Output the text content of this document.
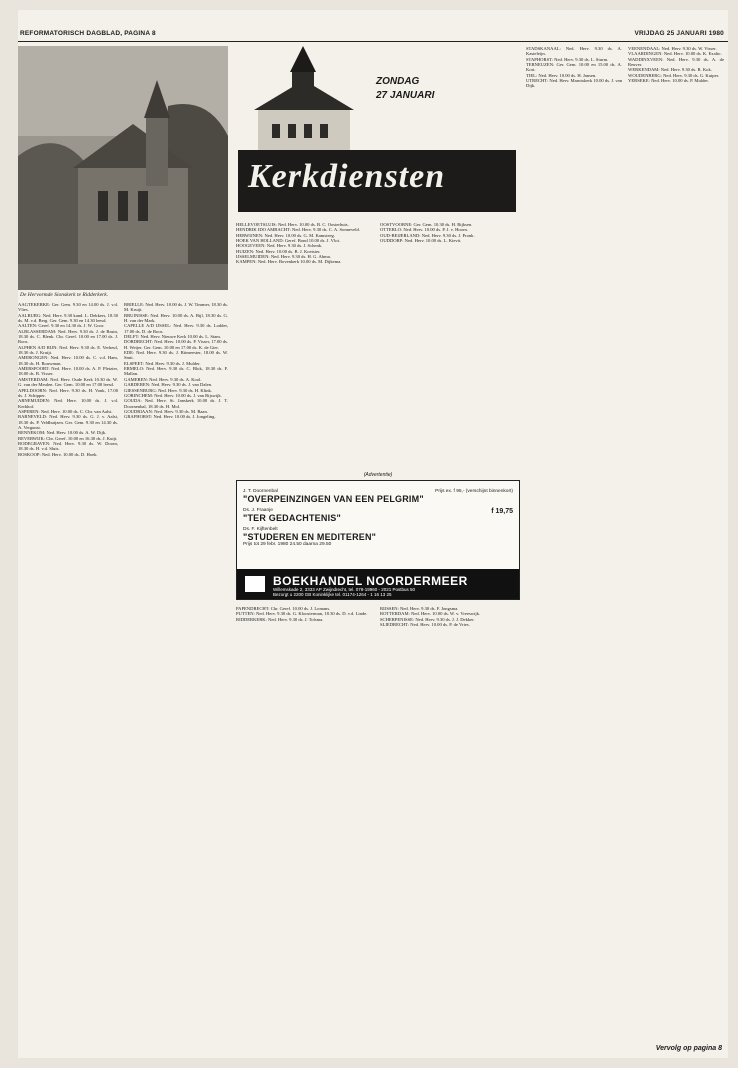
REFORMATORISCH DAGBLAD, PAGINA 8	VRIJDAG 25 JANUARI 1980
De Hervormde Sionskerk te Ridderkerk.
ZONDAG
27 JANUARI
Kerkdiensten

AAGTEKERKE: Ger. Gem. 9.30 en 14.00 ds. J. v.d. Vlies.

AALBURG: Ned. Herv. 9.30 kand. L. Dekkers, 18.30 ds. M. v.d. Berg. Ger. Gem. 9.30 en 14.30 leesd.

AALTEN: Geref. 9.30 en 14.30 ds. J. W. Goor.

ALBLASSERDAM: Ned. Herv. 9.30 ds. J. de Bruin, 18.30 ds. C. Blenk. Chr. Geref. 10.00 en 17.00 ds. J. Roos.

ALPHEN A/D RIJN: Ned. Herv. 9.30 ds. E. Verheul, 18.30 ds. J. Kruijt.

AMERONGEN: Ned. Herv. 10.00 ds. C. v.d. Ham, 18.30 ds. H. Bouwman.

AMERSFOORT: Ned. Herv. 10.00 ds. A. P. Pleizier, 18.00 ds. B. Visser.

AMSTERDAM: Ned. Herv. Oude Kerk 10.30 ds. W. G. van der Meulen. Ger. Gem. 10.00 en 17.00 leesd.

APELDOORN: Ned. Herv. 9.30 ds. H. Vonk, 17.00 ds. J. Schipper.

ARNEMUIDEN: Ned. Herv. 10.00 ds. J. v.d. Kerkhof.

ASPEREN: Ned. Herv. 10.00 ds. C. Chr. van Aalst.

BARNEVELD: Ned. Herv. 9.30 ds. G. J. v. Aalst, 18.30 ds. P. Veldhuijzen. Ger. Gem. 9.30 en 14.30 ds. A. Vergunst.

BENNEKOM: Ned. Herv. 10.00 ds. A. W. Dijk.

BEVERWIJK: Chr. Geref. 10.00 en 16.30 ds. J. Kuijt.

BODEGRAVEN: Ned. Herv. 9.30 ds. W. Doorn, 18.30 ds. H. v.d. Sluis.

BOSKOOP: Ned. Herv. 10.00 ds. D. Hoek.

BRIELLE: Ned. Herv. 10.00 ds. J. W. Timmer, 18.30 ds. M. Kruijt.

BRUINISSE: Ned. Herv. 10.00 ds. A. Bijl, 18.30 ds. G. H. van der Mark.

CAPELLE A/D IJSSEL: Ned. Herv. 9.30 ds. Lodder, 17.00 ds. D. de Roos.

DELFT: Ned. Herv. Nieuwe Kerk 10.00 ds. L. Stam.

DORDRECHT: Ned. Herv. 10.00 ds. P. Visser, 17.00 ds. H. Weijer. Ger. Gem. 10.00 en 17.00 ds. K. de Gier.

EDE: Ned. Herv. 9.30 ds. J. Ritmeester, 18.00 ds. W. Smit.

ELSPEET: Ned. Herv. 9.30 ds. J. Mulder.

ERMELO: Ned. Herv. 9.30 ds. C. Blok, 18.30 ds. F. Mallan.

GAMEREN: Ned. Herv. 9.30 ds. A. Kool.

GARDEREN: Ned. Herv. 9.30 ds. J. van Dalen.

GIESSENBURG: Ned. Herv. 9.30 ds. H. Klink.

GORINCHEM: Ned. Herv. 10.00 ds. J. van Rijswijk.

GOUDA: Ned. Herv. St. Janskerk 10.00 ds. J. T. Doornenbal, 18.30 ds. H. Mol.

GOUDRIAAN: Ned. Herv. 9.30 ds. M. Baan.

GRAFHORST: Ned. Herv. 10.00 ds. J. Jongeling.

HELLEVOETSLUIS: Ned. Herv. 10.00 ds. B. C. Oosterhuis.

HENDRIK IDO AMBACHT: Ned. Herv. 9.30 ds. C. A. Sonneveld.

HERWIJNEN: Ned. Herv. 10.00 ds. G. M. Kamsteeg.

HOEK VAN HOLLAND: Geref. Bond 10.00 ds. J. Vlot.

HOOGEVEEN: Ned. Herv. 9.30 ds. J. Schenk.

HUIZEN: Ned. Herv. 10.00 ds. B. J. Koetsier.

IJSSELMUIDEN: Ned. Herv. 9.30 ds. H. G. Abma.

KAMPEN: Ned. Herv. Bovenkerk 10.00 ds. M. Dijkema.

OOSTVOORNE: Ger. Gem. 10.30 ds. H. Rijksen.

OTTERLO: Ned. Herv. 10.00 ds. P. J. v. Hoorn.

OUD-BEIJERLAND: Ned. Herv. 9.30 ds. J. Pronk.

OUDDORP: Ned. Herv. 10.00 ds. L. Kievit.

(Advertentie)
J. T. Doornenbal
"OVERPEINZINGEN VAN EEN PELGRIM"
Prijs ex. f 95,- (verschijnt binnenkort)
Ds. J. Fraanje
"TER GEDACHTENIS"
f 19,75
Ds. F. Kijftenbelt
"STUDEREN EN MEDITEREN"
Prijs tot 29 febr. 1980 24.50 daarna 29.50
BOEKHANDEL NOORDERMEER
Willemskade 2, 3333 AP Zwijndrecht, tel. 078-19960 - 2021 Postbus 50
Bezorgt u 2200 GB Koninklijke tel. 01174-1264 - 1 16 13 25

PAPENDRECHT: Chr. Geref. 10.00 ds. J. Lomans.

PUTTEN: Ned. Herv. 9.30 ds. G. Kloosterman, 18.30 ds. D. v.d. Linde.

RIDDERKERK: Ned. Herv. 9.30 ds. J. Tolsma.

RIJSSEN: Ned. Herv. 9.30 ds. F. Jongsma.

ROTTERDAM: Ned. Herv. 10.00 ds. W. v. Vreeswijk.

SCHERPENISSE: Ned. Herv. 9.30 ds. J. J. Dekker.

SLIEDRECHT: Ned. Herv. 10.00 ds. P. de Vries.

STADSKANAAL: Ned. Herv. 9.30 ds. A. Kasteleijn.

STAPHORST: Ned. Herv. 9.30 ds. L. Sturm.

TERNEUZEN: Ger. Gem. 10.00 en 15.00 ds. A. Kort.

TIEL: Ned. Herv. 10.00 ds. H. Jansen.

UTRECHT: Ned. Herv. Marnixkerk 10.00 ds. J. van Dijk.

VEENENDAAL: Ned. Herv. 9.30 ds. W. Visser.

VLAARDINGEN: Ned. Herv. 10.00 ds. K. Exalto.

WADDINXVEEN: Ned. Herv. 9.30 ds. A. de Reuver.

WERKENDAM: Ned. Herv. 9.30 ds. R. Kok.

WOUDENBERG: Ned. Herv. 9.30 ds. G. Kuiper.

YERSEKE: Ned. Herv. 10.00 ds. P. Mulder.

Vervolg op pagina 8
